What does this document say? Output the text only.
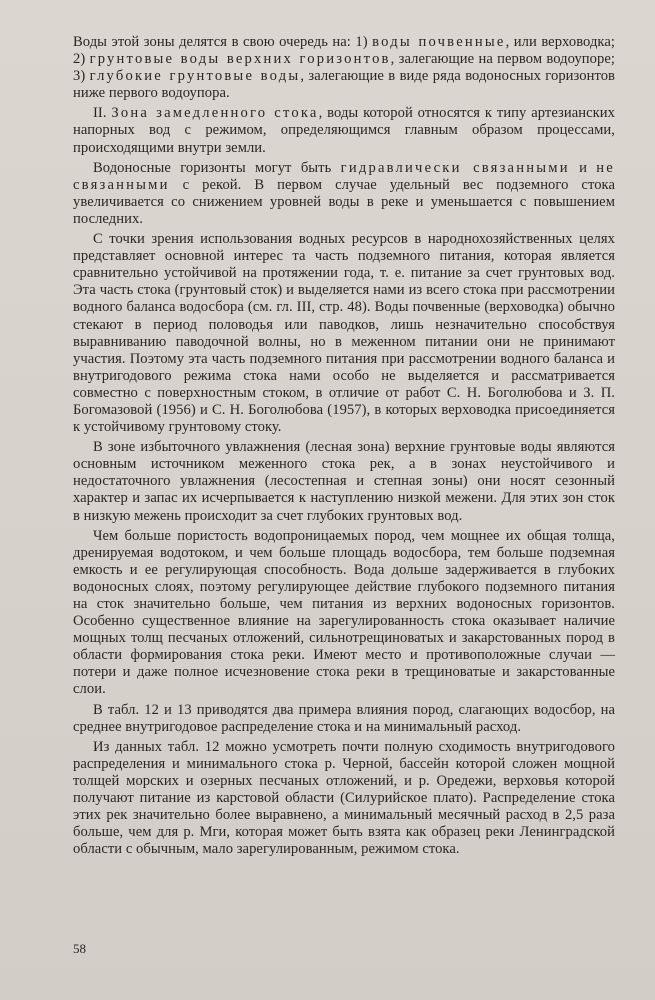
Воды этой зоны делятся в свою очередь на: 1) воды почвенные, или верховодка; 2) грунтовые воды верхних горизонтов, залегающие на первом водоупоре; 3) глубокие грунтовые воды, залегающие в виде ряда водоносных горизонтов ниже первого водоупора.

II. Зона замедленного стока, воды которой относятся к типу артезианских напорных вод с режимом, определяющимся главным образом процессами, происходящими внутри земли.

Водоносные горизонты могут быть гидравлически связанными и не связанными с рекой. В первом случае удельный вес подземного стока увеличивается со снижением уровней воды в реке и уменьшается с повышением последних.

С точки зрения использования водных ресурсов в народнохозяйственных целях представляет основной интерес та часть подземного питания, которая является сравнительно устойчивой на протяжении года, т. е. питание за счет грунтовых вод. Эта часть стока (грунтовый сток) и выделяется нами из всего стока при рассмотрении водного баланса водосбора (см. гл. III, стр. 48). Воды почвенные (верховодка) обычно стекают в период половодья или паводков, лишь незначительно способствуя выравниванию паводочной волны, но в меженном питании они не принимают участия. Поэтому эта часть подземного питания при рассмотрении водного баланса и внутригодового режима стока нами особо не выделяется и рассматривается совместно с поверхностным стоком, в отличие от работ С. Н. Боголюбова и З. П. Богомазовой (1956) и С. Н. Боголюбова (1957), в которых верховодка присоединяется к устойчивому грунтовому стоку.

В зоне избыточного увлажнения (лесная зона) верхние грунтовые воды являются основным источником меженного стока рек, а в зонах неустойчивого и недостаточного увлажнения (лесостепная и степная зоны) они носят сезонный характер и запас их исчерпывается к наступлению низкой межени. Для этих зон сток в низкую межень происходит за счет глубоких грунтовых вод.

Чем больше пористость водопроницаемых пород, чем мощнее их общая толща, дренируемая водотоком, и чем больше площадь водосбора, тем больше подземная емкость и ее регулирующая способность. Вода дольше задерживается в глубоких водоносных слоях, поэтому регулирующее действие глубокого подземного питания на сток значительно больше, чем питания из верхних водоносных горизонтов. Особенно существенное влияние на зарегулированность стока оказывает наличие мощных толщ песчаных отложений, сильнотрещиноватых и закарстованных пород в области формирования стока реки. Имеют место и противоположные случаи — потери и даже полное исчезновение стока реки в трещиноватые и закарстованные слои.

В табл. 12 и 13 приводятся два примера влияния пород, слагающих водосбор, на среднее внутригодовое распределение стока и на минимальный расход.

Из данных табл. 12 можно усмотреть почти полную сходимость внутригодового распределения и минимального стока р. Черной, бассейн которой сложен мощной толщей морских и озерных песчаных отложений, и р. Оредежи, верховья которой получают питание из карстовой области (Силурийское плато). Распределение стока этих рек значительно более выравнено, а минимальный месячный расход в 2,5 раза больше, чем для р. Мги, которая может быть взята как образец реки Ленинградской области с обычным, мало зарегулированным, режимом стока.

58
